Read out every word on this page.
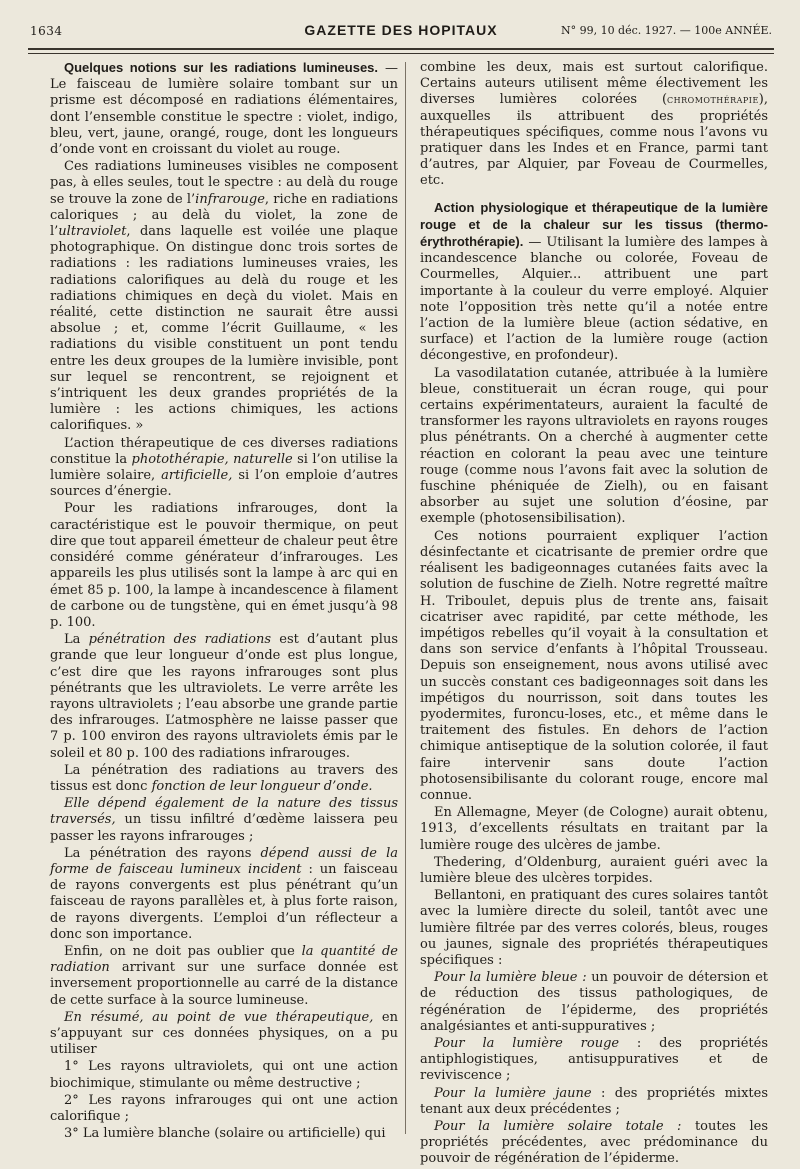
1634	GAZETTE DES HOPITAUX	N° 99, 10 déc. 1927. — 100e ANNÉE.

Quelques notions sur les radiations lumineuses. — Le faisceau de lumière solaire tombant sur un prisme est décomposé en radiations élémentaires, dont l’ensemble constitue le spectre : violet, indigo, bleu, vert, jaune, orangé, rouge, dont les longueurs d’onde vont en croissant du violet au rouge.

Ces radiations lumineuses visibles ne composent pas, à elles seules, tout le spectre : au delà du rouge se trouve la zone de l’infrarouge, riche en radiations caloriques ; au delà du violet, la zone de l’ultraviolet, dans laquelle est voilée une plaque photographique. On distingue donc trois sortes de radiations : les radiations lumineuses vraies, les radiations calorifiques au delà du rouge et les radiations chimiques en deçà du violet. Mais en réalité, cette distinction ne saurait être aussi absolue ; et, comme l’écrit Guillaume, « les radiations du visible constituent un pont tendu entre les deux groupes de la lumière invisible, pont sur lequel se rencontrent, se rejoignent et s’intriquent les deux grandes propriétés de la lumière : les actions chimiques, les actions calorifiques. »

L’action thérapeutique de ces diverses radiations constitue la photothérapie, naturelle si l’on utilise la lumière solaire, artificielle, si l’on emploie d’autres sources d’énergie.

Pour les radiations infrarouges, dont la caractéristique est le pouvoir thermique, on peut dire que tout appareil émetteur de chaleur peut être considéré comme générateur d’infrarouges. Les appareils les plus utilisés sont la lampe à arc qui en émet 85 p. 100, la lampe à incandescence à filament de carbone ou de tungstène, qui en émet jusqu’à 98 p. 100.

La pénétration des radiations est d’autant plus grande que leur longueur d’onde est plus longue, c’est dire que les rayons infrarouges sont plus pénétrants que les ultraviolets. Le verre arrête les rayons ultraviolets ; l’eau absorbe une grande partie des infrarouges. L’atmosphère ne laisse passer que 7 p. 100 environ des rayons ultraviolets émis par le soleil et 80 p. 100 des radiations infrarouges.

La pénétration des radiations au travers des tissus est donc fonction de leur longueur d’onde.

Elle dépend également de la nature des tissus traversés, un tissu infiltré d’œdème laissera peu passer les rayons infrarouges ;

La pénétration des rayons dépend aussi de la forme de faisceau lumineux incident : un faisceau de rayons convergents est plus pénétrant qu’un faisceau de rayons parallèles et, à plus forte raison, de rayons divergents. L’emploi d’un réflecteur a donc son importance.

Enfin, on ne doit pas oublier que la quantité de radiation arrivant sur une surface donnée est inversement proportionnelle au carré de la distance de cette surface à la source lumineuse.

En résumé, au point de vue thérapeutique, en s’appuyant sur ces données physiques, on a pu utiliser

1° Les rayons ultraviolets, qui ont une action biochimique, stimulante ou même destructive ;

2° Les rayons infrarouges qui ont une action calorifique ;

3° La lumière blanche (solaire ou artificielle) qui

combine les deux, mais est surtout calorifique. Certains auteurs utilisent même électivement les diverses lumières colorées (chromothérapie), auxquelles ils attribuent des propriétés thérapeutiques spécifiques, comme nous l’avons vu pratiquer dans les Indes et en France, parmi tant d’autres, par Alquier, par Foveau de Courmelles, etc.

Action physiologique et thérapeutique de la lumière rouge et de la chaleur sur les tissus (thermo-érythrothérapie). — Utilisant la lumière des lampes à incandescence blanche ou colorée, Foveau de Courmelles, Alquier... attribuent une part importante à la couleur du verre employé. Alquier note l’opposition très nette qu’il a notée entre l’action de la lumière bleue (action sédative, en surface) et l’action de la lumière rouge (action décongestive, en profondeur).

La vasodilatation cutanée, attribuée à la lumière bleue, constituerait un écran rouge, qui pour certains expérimentateurs, auraient la faculté de transformer les rayons ultraviolets en rayons rouges plus pénétrants. On a cherché à augmenter cette réaction en colorant la peau avec une teinture rouge (comme nous l’avons fait avec la solution de fuschine phéniquée de Zielh), ou en faisant absorber au sujet une solution d’éosine, par exemple (photosensibilisation).

Ces notions pourraient expliquer l’action désinfectante et cicatrisante de premier ordre que réalisent les badigeonnages cutanées faits avec la solution de fuschine de Zielh. Notre regretté maître H. Triboulet, depuis plus de trente ans, faisait cicatriser avec rapidité, par cette méthode, les impétigos rebelles qu’il voyait à la consultation et dans son service d’enfants à l’hôpital Trousseau. Depuis son enseignement, nous avons utilisé avec un succès constant ces badigeonnages soit dans les impétigos du nourrisson, soit dans toutes les pyodermites, furoncu-loses, etc., et même dans le traitement des fistules. En dehors de l’action chimique antiseptique de la solution colorée, il faut faire intervenir sans doute l’action photosensibilisante du colorant rouge, encore mal connue.

En Allemagne, Meyer (de Cologne) aurait obtenu, 1913, d’excellents résultats en traitant par la lumière rouge des ulcères de jambe.

Thedering, d’Oldenburg, auraient guéri avec la lumière bleue des ulcères torpides.

Bellantoni, en pratiquant des cures solaires tantôt avec la lumière directe du soleil, tantôt avec une lumière filtrée par des verres colorés, bleus, rouges ou jaunes, signale des propriétés thérapeutiques spécifiques :

Pour la lumière bleue : un pouvoir de détersion et de réduction des tissus pathologiques, de régénération de l’épiderme, des propriétés analgésiantes et anti-suppuratives ;

Pour la lumière rouge : des propriétés antiphlogistiques, antisuppuratives et de reviviscence ;

Pour la lumière jaune : des propriétés mixtes tenant aux deux précédentes ;

Pour la lumière solaire totale : toutes les propriétés précédentes, avec prédominance du pouvoir de régénération de l’épiderme.
